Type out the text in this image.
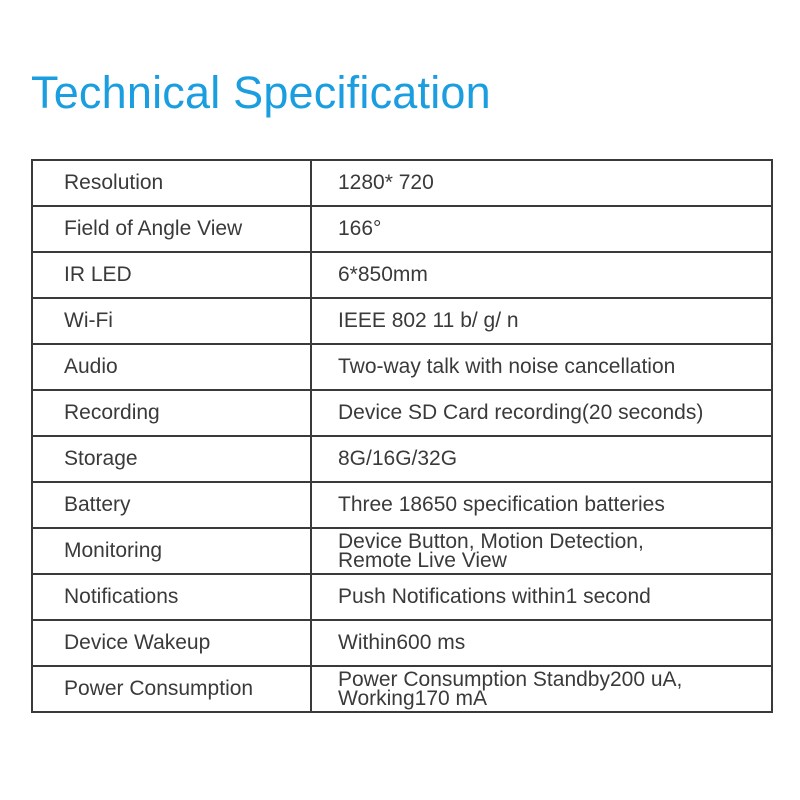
Technical Specification
Resolution	1280* 720

Field of Angle View	166°

IR LED	6*850mm

Wi-Fi	IEEE 802 11 b/ g/ n

Audio	Two-way talk with noise cancellation

Recording	Device SD Card recording(20 seconds)

Storage	8G/16G/32G

Battery	Three 18650 specification batteries

Monitoring	Device Button, Motion Detection,
Remote Live View

Notifications	Push Notifications within1 second

Device Wakeup	Within600 ms

Power Consumption	Power Consumption Standby200 uA,
Working170 mA
